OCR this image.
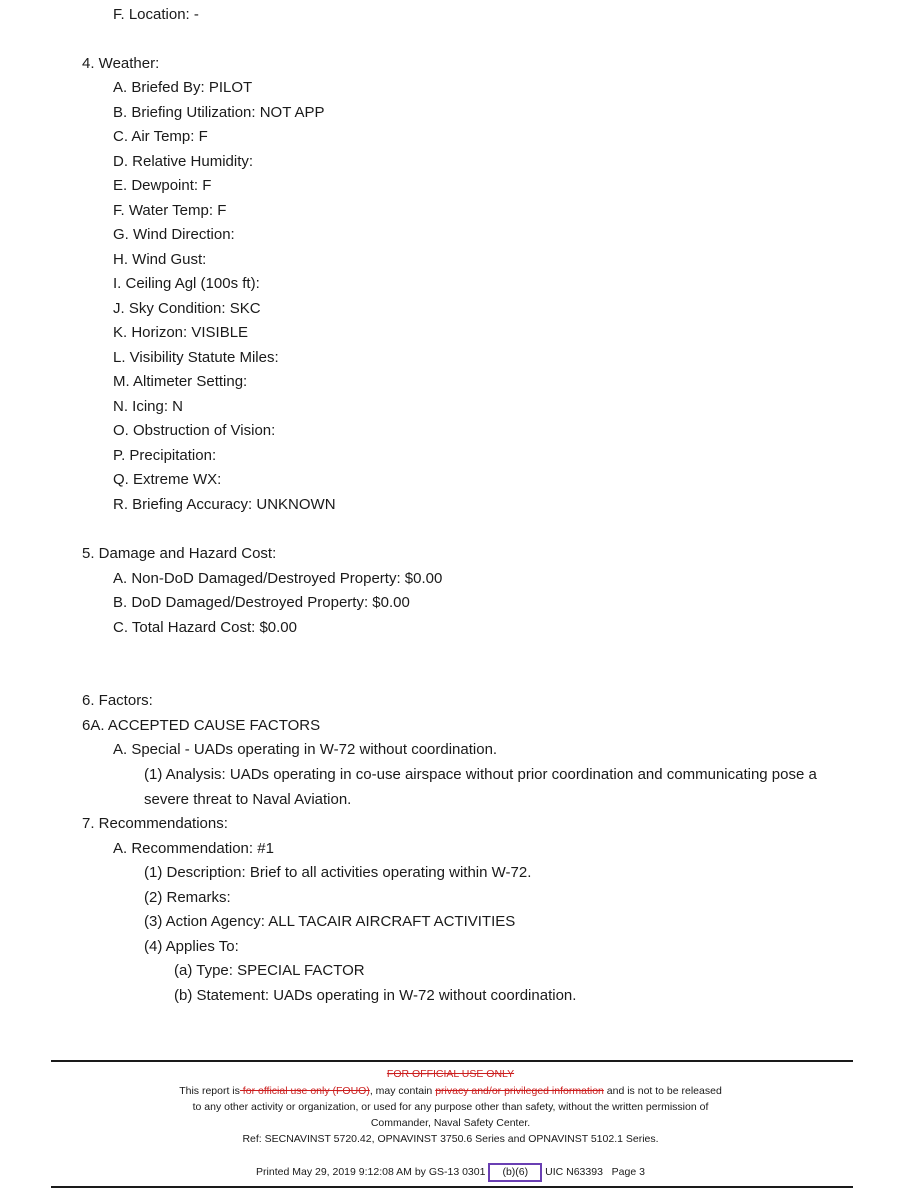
F. Location: -
4. Weather:
A. Briefed By: PILOT
B. Briefing Utilization: NOT APP
C. Air Temp: F
D. Relative Humidity:
E. Dewpoint: F
F. Water Temp: F
G. Wind Direction:
H. Wind Gust:
I. Ceiling Agl (100s ft):
J. Sky Condition: SKC
K. Horizon: VISIBLE
L. Visibility Statute Miles:
M. Altimeter Setting:
N. Icing: N
O. Obstruction of Vision:
P. Precipitation:
Q. Extreme WX:
R. Briefing Accuracy: UNKNOWN
5. Damage and Hazard Cost:
A. Non-DoD Damaged/Destroyed Property: $0.00
B. DoD Damaged/Destroyed Property: $0.00
C. Total Hazard Cost: $0.00
6. Factors:
6A. ACCEPTED CAUSE FACTORS
A. Special - UADs operating in W-72 without coordination.
(1) Analysis: UADs operating in co-use airspace without prior coordination and communicating pose a
severe threat to Naval Aviation.
7. Recommendations:
A. Recommendation: #1
(1) Description: Brief to all activities operating within W-72.
(2) Remarks:
(3) Action Agency: ALL TACAIR AIRCRAFT ACTIVITIES
(4) Applies To:
(a) Type: SPECIAL FACTOR
(b) Statement: UADs operating in W-72 without coordination.
FOR OFFICIAL USE ONLY
This report is for official use only (FOUO), may contain privacy and/or privileged information and is not to be released
to any other activity or organization, or used for any purpose other than safety, without the written permission of
Commander, Naval Safety Center.
Ref: SECNAVINST 5720.42, OPNAVINST 3750.6 Series and OPNAVINST 5102.1 Series.
Printed May 29, 2019 9:12:08 AM by GS-13 0301 (b)(6) UIC N63393 Page 3
